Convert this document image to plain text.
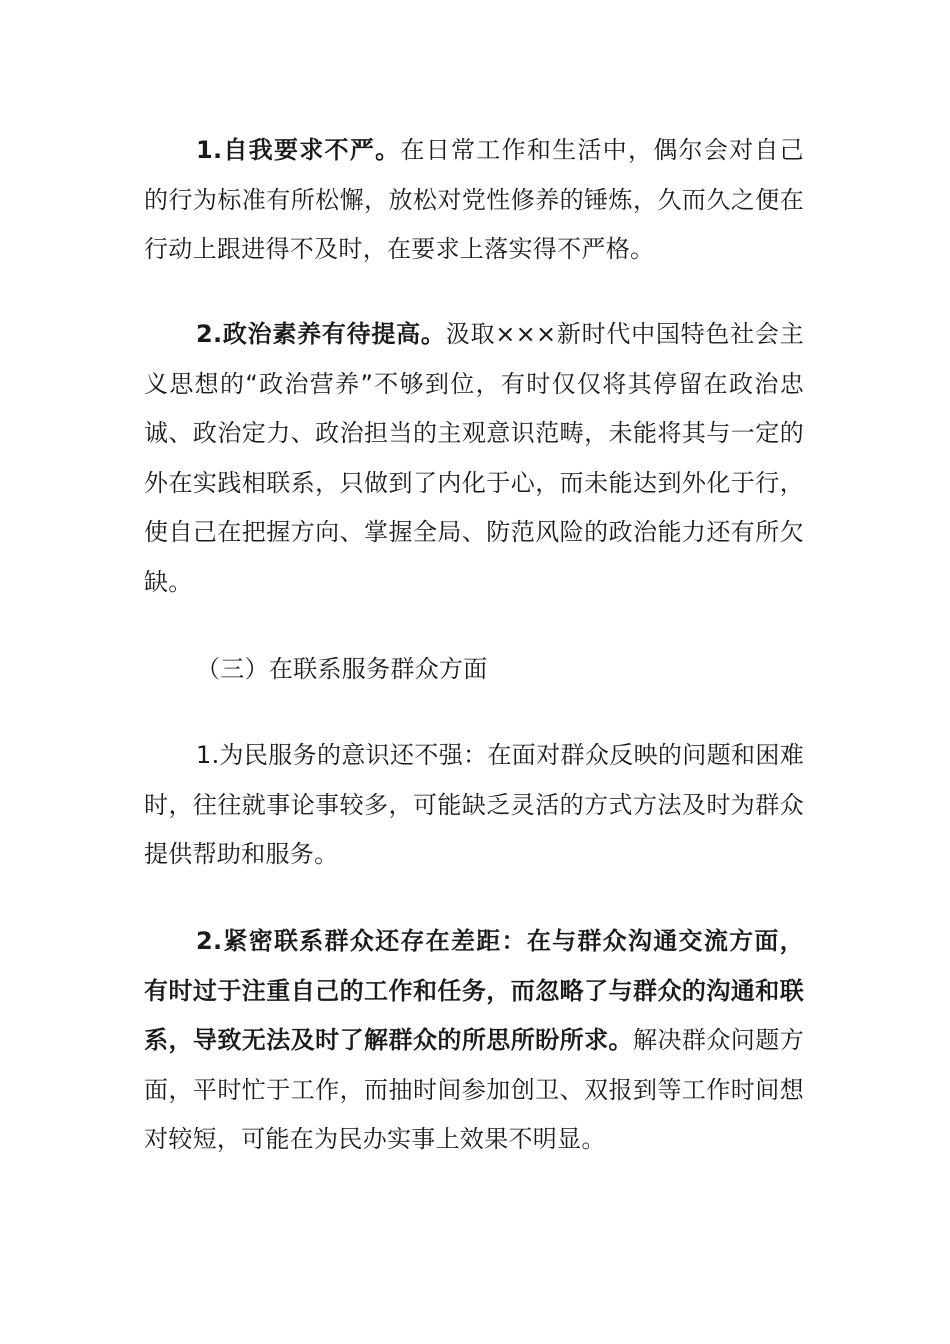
1.自我要求不严。在日常工作和生活中，偶尔会对自己的行为标准有所松懈，放松对党性修养的锤炼，久而久之便在行动上跟进得不及时，在要求上落实得不严格。

2.政治素养有待提高。汲取×××新时代中国特色社会主义思想的“政治营养”不够到位，有时仅仅将其停留在政治忠诚、政治定力、政治担当的主观意识范畴，未能将其与一定的外在实践相联系，只做到了内化于心，而未能达到外化于行，使自己在把握方向、掌握全局、防范风险的政治能力还有所欠缺。

（三）在联系服务群众方面

1.为民服务的意识还不强：在面对群众反映的问题和困难时，往往就事论事较多，可能缺乏灵活的方式方法及时为群众提供帮助和服务。

2.紧密联系群众还存在差距：在与群众沟通交流方面，有时过于注重自己的工作和任务，而忽略了与群众的沟通和联系，导致无法及时了解群众的所思所盼所求。解决群众问题方面，平时忙于工作，而抽时间参加创卫、双报到等工作时间想对较短，可能在为民办实事上效果不明显。
